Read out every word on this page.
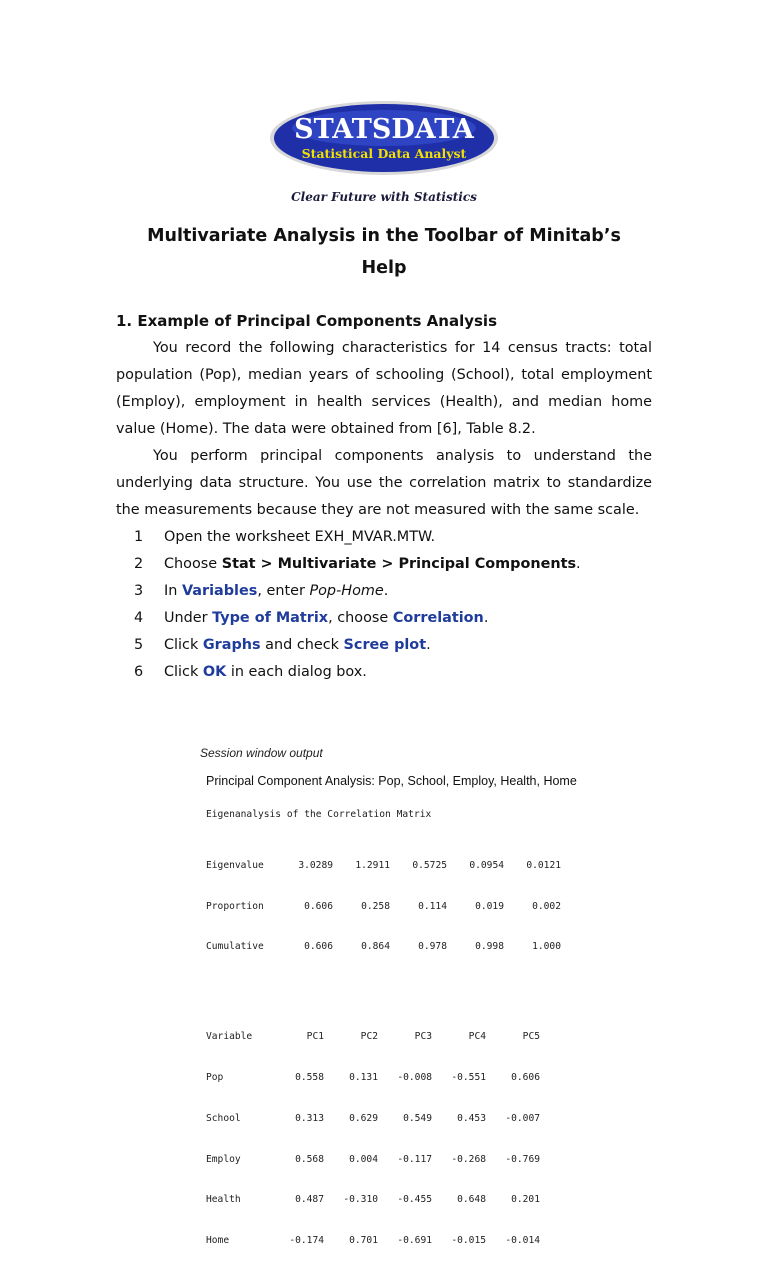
STATSDATA
Statistical Data Analyst
Clear Future with Statistics
Multivariate Analysis in the Toolbar of Minitab’s
Help

1. Example of Principal Components Analysis

You record the following characteristics for 14 census tracts: total population (Pop), median years of schooling (School), total employment (Employ), employment in health services (Health), and median home value (Home). The data were obtained from [6], Table 8.2.

You perform principal components analysis to understand the underlying data structure. You use the correlation matrix to standardize the measurements because they are not measured with the same scale.

1	Open the worksheet EXH_MVAR.MTW.
2	Choose Stat > Multivariate > Principal Components.
3	In Variables, enter Pop-Home.
4	Under Type of Matrix, choose Correlation.
5	Click Graphs and check Scree plot.
6	Click OK in each dialog box.
Session window output
Principal Component Analysis: Pop, School, Employ, Health, Home
Eigenanalysis of the Correlation Matrix

Eigenvalue	3.0289	1.2911	0.5725	0.0954	0.0121

Proportion	0.606	0.258	0.114	0.019	0.002

Cumulative	0.606	0.864	0.978	0.998	1.000

Variable	PC1	PC2	PC3	PC4	PC5

Pop	0.558	0.131	-0.008	-0.551	0.606

School	0.313	0.629	0.549	0.453	-0.007

Employ	0.568	0.004	-0.117	-0.268	-0.769

Health	0.487	-0.310	-0.455	0.648	0.201

Home	-0.174	0.701	-0.691	-0.015	-0.014
